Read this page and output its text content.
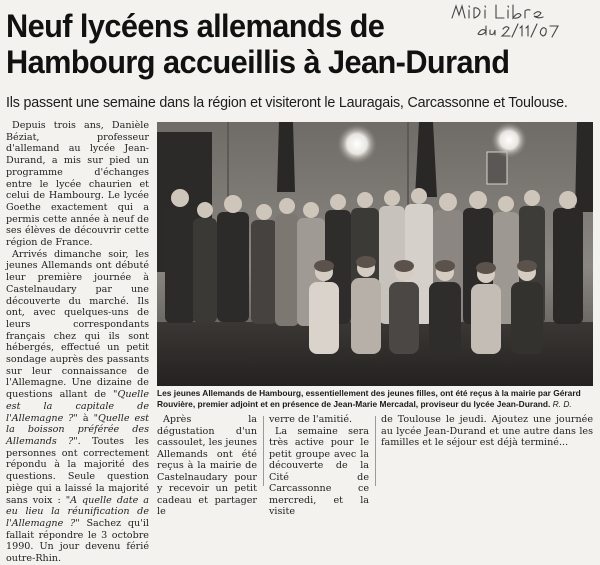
Neuf lycéens allemands de
Hambourg accueillis à Jean-Durand
Ils passent une semaine dans la région et visiteront le Lauragais, Carcassonne et Toulouse.

Depuis trois ans, Danièle Béziat, professeur d'allemand au lycée Jean-Durand, a mis sur pied un programme d'échanges entre le lycée chaurien et celui de Hambourg. Le lycée Goethe exactement qui a permis cette année à neuf de ses élèves de découvrir cette région de France.

Arrivés dimanche soir, les jeunes Allemands ont débuté leur première journée à Castelnaudary par une découverte du marché. Ils ont, avec quelques-uns de leurs correspondants français chez qui ils sont hébergés, effectué un petit sondage auprès des passants sur leur connaissance de l'Allemagne. Une dizaine de questions allant de "Quelle est la capitale de l'Allemagne ?" à "Quelle est la boisson préférée des Allemands ?". Toutes les personnes ont correctement répondu à la majorité des questions. Seule question piège qui a laissé la majorité sans voix : "A quelle date a eu lieu la réunification de l'Allemagne ?" Sachez qu'il fallait répondre le 3 octobre 1990. Un jour devenu férié outre-Rhin.

Les jeunes Allemands de Hambourg, essentiellement des jeunes filles, ont été reçus à la mairie par Gérard Rouvière, premier adjoint et en présence de Jean-Marie Mercadal, proviseur du lycée Jean-Durand. R. D.

Après la dégustation d'un cassoulet, les jeunes Allemands ont été reçus à la mairie de Castelnaudary pour y recevoir un petit cadeau et partager le

verre de l'amitié.

La semaine sera très active pour le petit groupe avec la découverte de la Cité de Carcassonne ce mercredi, et la visite

de Toulouse le jeudi. Ajoutez une journée au lycée Jean-Durand et une autre dans les familles et le séjour est déjà terminé...
